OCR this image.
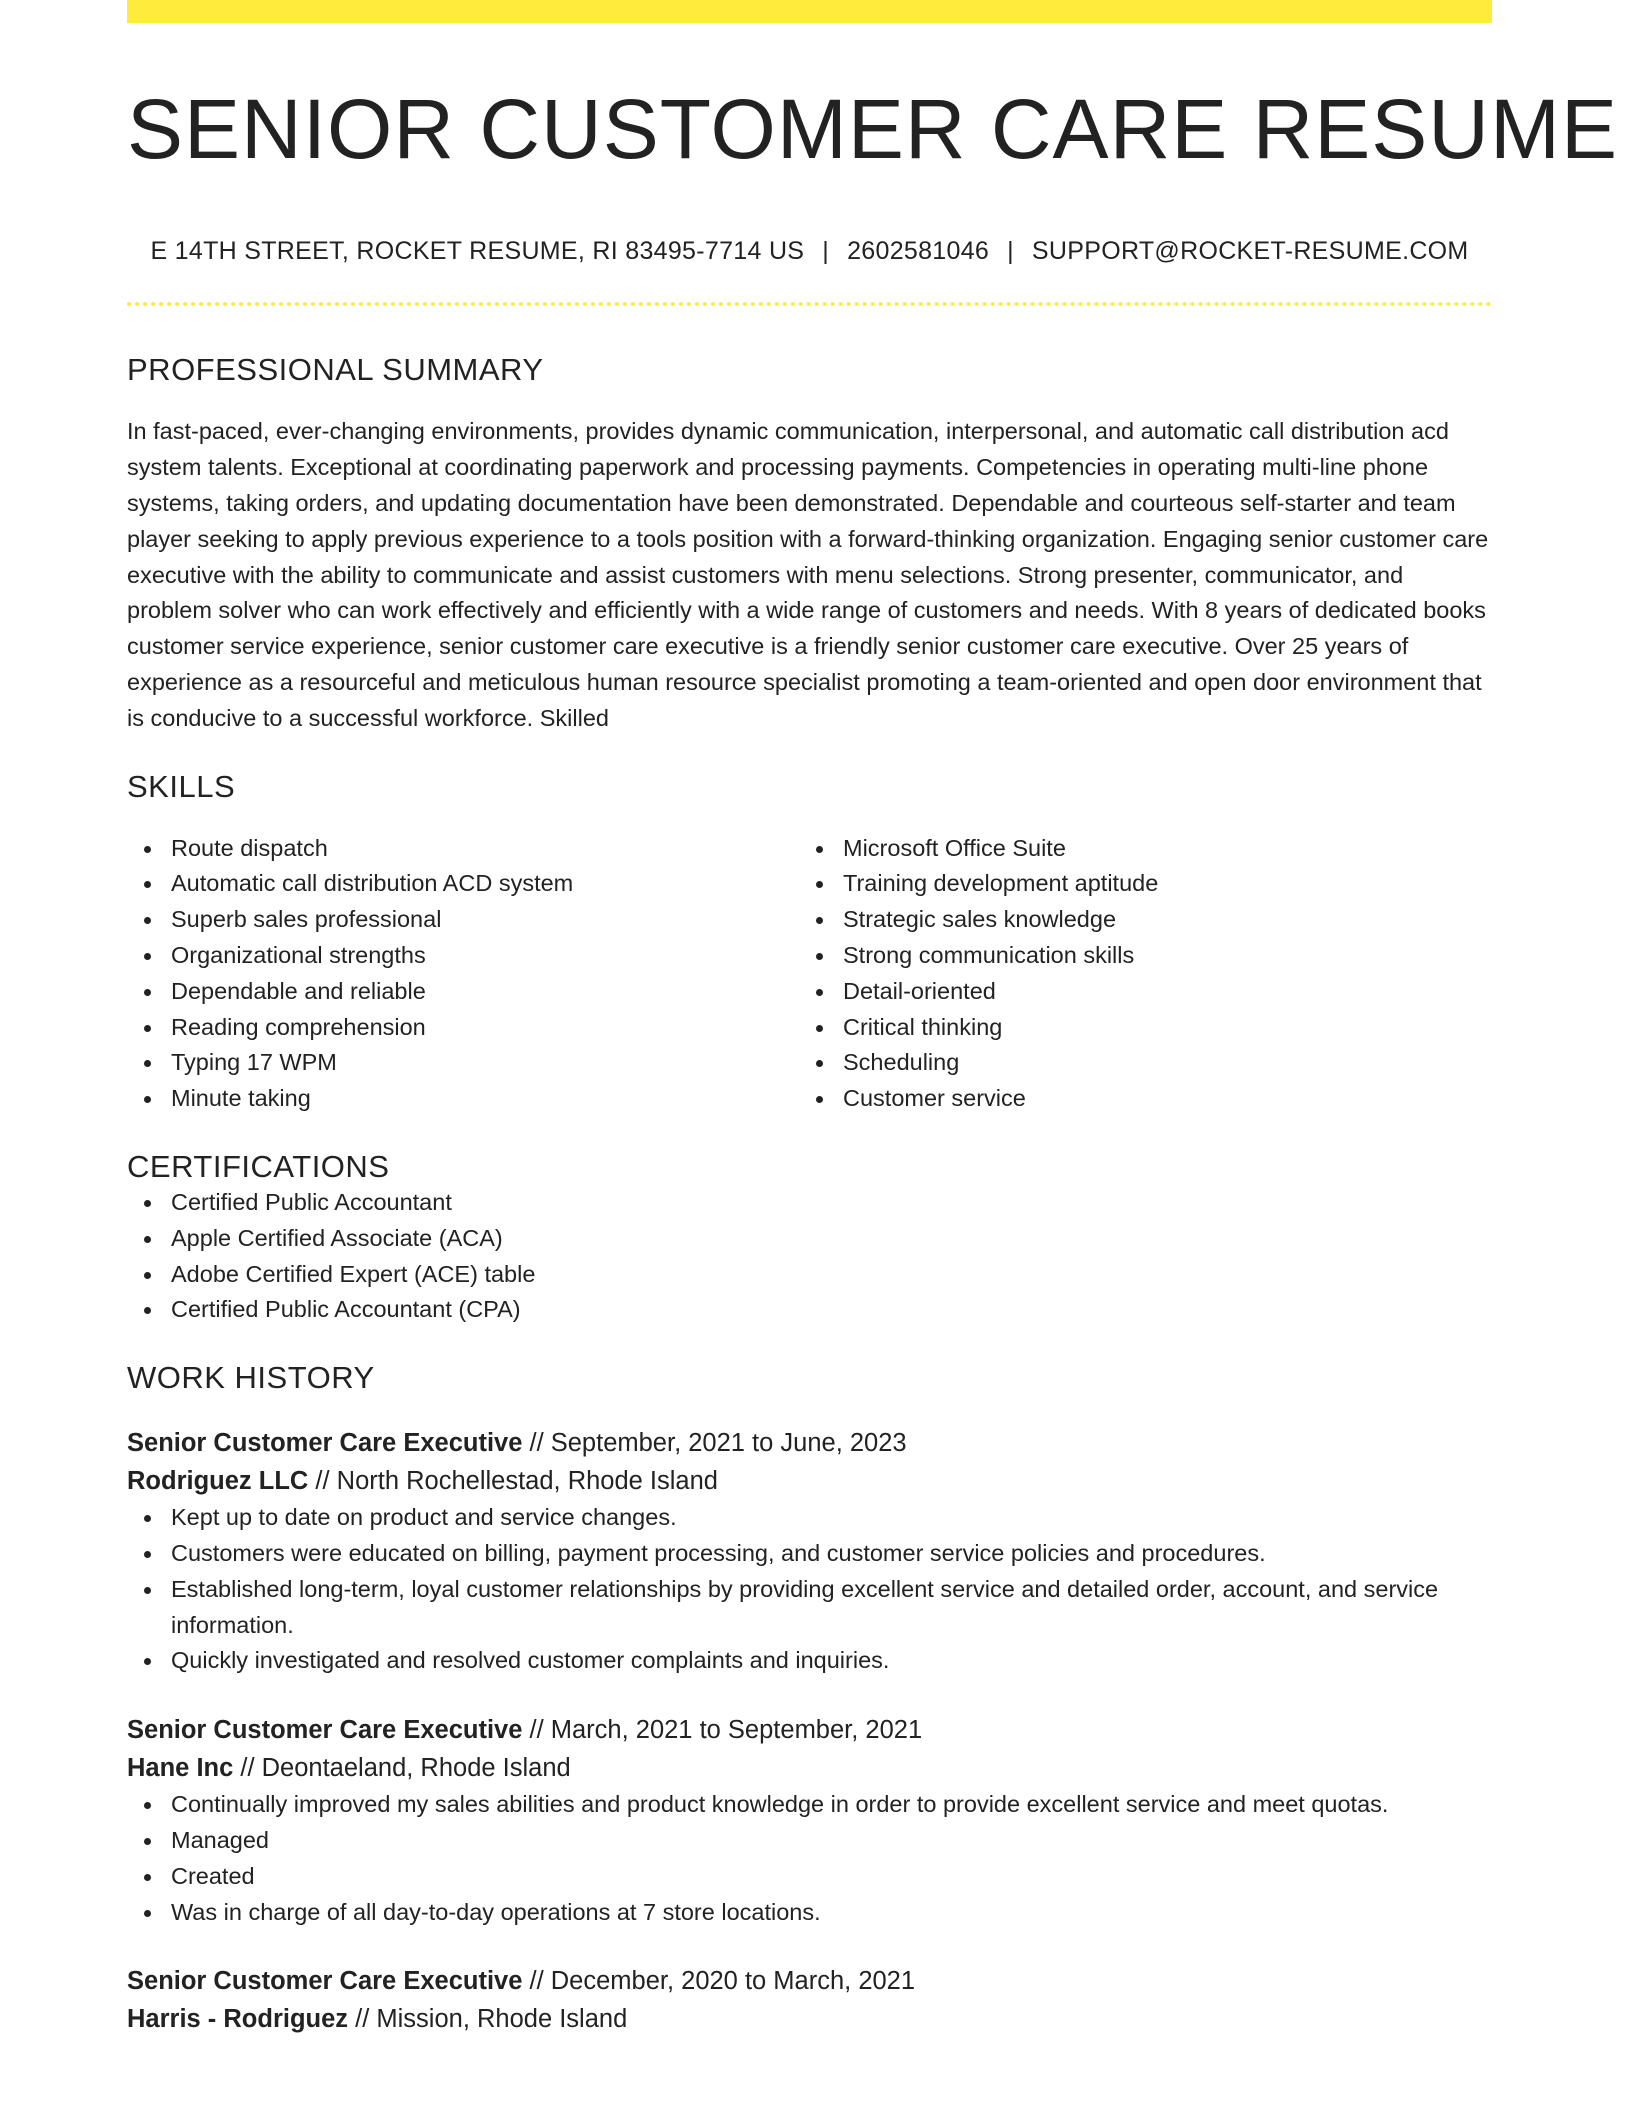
SENIOR CUSTOMER CARE RESUME
E 14TH STREET, ROCKET RESUME, RI 83495-7714 US | 2602581046 | SUPPORT@ROCKET-RESUME.COM
PROFESSIONAL SUMMARY

In fast-paced, ever-changing environments, provides dynamic communication, interpersonal, and automatic call distribution acd system talents. Exceptional at coordinating paperwork and processing payments. Competencies in operating multi-line phone systems, taking orders, and updating documentation have been demonstrated. Dependable and courteous self-starter and team player seeking to apply previous experience to a tools position with a forward-thinking organization. Engaging senior customer care executive with the ability to communicate and assist customers with menu selections. Strong presenter, communicator, and problem solver who can work effectively and efficiently with a wide range of customers and needs. With 8 years of dedicated books customer service experience, senior customer care executive is a friendly senior customer care executive. Over 25 years of experience as a resourceful and meticulous human resource specialist promoting a team-oriented and open door environment that is conducive to a successful workforce. Skilled

SKILLS
Route dispatch
Automatic call distribution ACD system
Superb sales professional
Organizational strengths
Dependable and reliable
Reading comprehension
Typing 17 WPM
Minute taking
Microsoft Office Suite
Training development aptitude
Strategic sales knowledge
Strong communication skills
Detail-oriented
Critical thinking
Scheduling
Customer service
CERTIFICATIONS
Certified Public Accountant
Apple Certified Associate (ACA)
Adobe Certified Expert (ACE) table
Certified Public Accountant (CPA)
WORK HISTORY
Senior Customer Care Executive // September, 2021 to June, 2023
Rodriguez LLC // North Rochellestad, Rhode Island
Kept up to date on product and service changes.
Customers were educated on billing, payment processing, and customer service policies and procedures.
Established long-term, loyal customer relationships by providing excellent service and detailed order, account, and service information.
Quickly investigated and resolved customer complaints and inquiries.
Senior Customer Care Executive // March, 2021 to September, 2021
Hane Inc // Deontaeland, Rhode Island
Continually improved my sales abilities and product knowledge in order to provide excellent service and meet quotas.
Managed
Created
Was in charge of all day-to-day operations at 7 store locations.
Senior Customer Care Executive // December, 2020 to March, 2021
Harris - Rodriguez // Mission, Rhode Island
